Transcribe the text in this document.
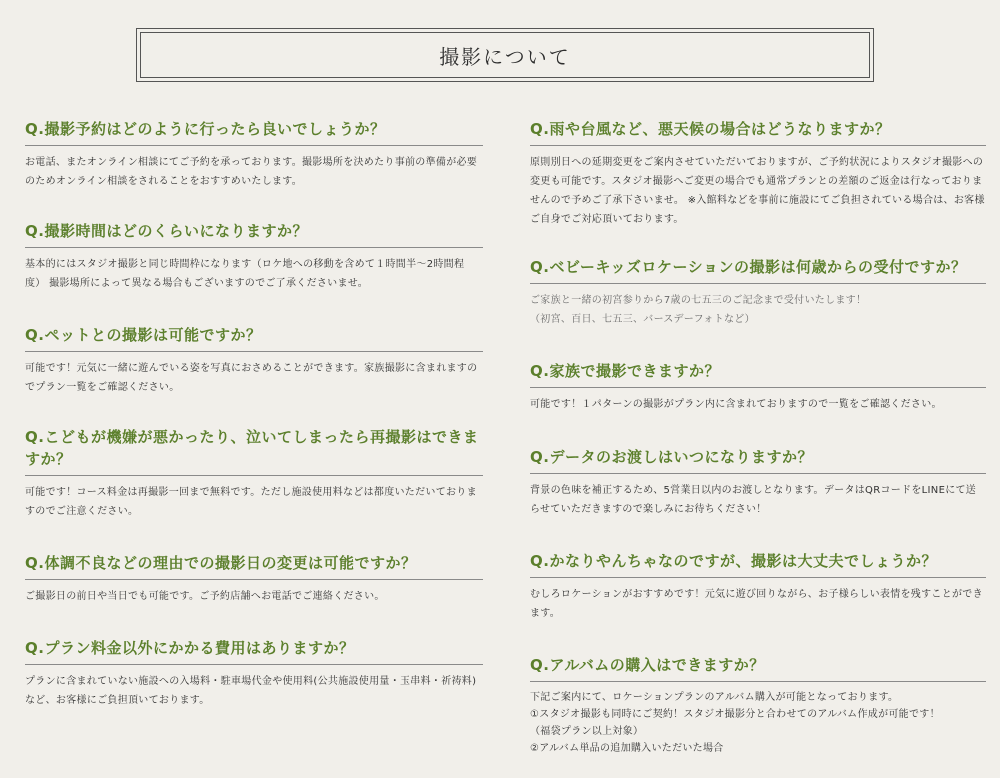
撮影について
Q.撮影予約はどのように行ったら良いでしょうか？

お電話、またオンライン相談にてご予約を承っております。撮影場所を決めたり事前の準備が必要のためオンライン相談をされることをおすすめいたします。

Q.撮影時間はどのくらいになりますか？

基本的にはスタジオ撮影と同じ時間枠になります（ロケ地への移動を含めて１時間半〜2時間程度） 撮影場所によって異なる場合もございますのでご了承くださいませ。

Q.ペットとの撮影は可能ですか？

可能です！元気に一緒に遊んでいる姿を写真におさめることができます。家族撮影に含まれますのでプラン一覧をご確認ください。

Q.こどもが機嫌が悪かったり、泣いてしまったら再撮影はできますか？

可能です！コース料金は再撮影一回まで無料です。ただし施設使用料などは都度いただいておりますのでご注意ください。

Q.体調不良などの理由での撮影日の変更は可能ですか？

ご撮影日の前日や当日でも可能です。ご予約店舗へお電話でご連絡ください。

Q.プラン料金以外にかかる費用はありますか？

プランに含まれていない施設への入場料・駐車場代金や使用料(公共施設使用量・玉串料・祈祷料)など、お客様にご負担頂いております。

Q.雨や台風など、悪天候の場合はどうなりますか？

原則別日への延期変更をご案内させていただいておりますが、ご予約状況によりスタジオ撮影への変更も可能です。スタジオ撮影へご変更の場合でも通常プランとの差額のご返金は行なっておりませんので予めご了承下さいませ。 ※入館料などを事前に施設にてご負担されている場合は、お客様ご自身でご対応頂いております。

Q.ベビーキッズロケーションの撮影は何歳からの受付ですか？

ご家族と一緒の初宮参りから7歳の七五三のご記念まで受付いたします！

（初宮、百日、七五三、バースデーフォトなど）

Q.家族で撮影できますか？

可能です！１パターンの撮影がプラン内に含まれておりますので一覧をご確認ください。

Q.データのお渡しはいつになりますか？

背景の色味を補正するため、5営業日以内のお渡しとなります。データはQRコードをLINEにて送らせていただきますので楽しみにお待ちください！

Q.かなりやんちゃなのですが、撮影は大丈夫でしょうか？

むしろロケーションがおすすめです！元気に遊び回りながら、お子様らしい表情を残すことができます。

Q.アルバムの購入はできますか？

下記ご案内にて、ロケーションプランのアルバム購入が可能となっております。

①スタジオ撮影も同時にご契約！スタジオ撮影分と合わせてのアルバム作成が可能です！

（福袋プラン以上対象）

②アルバム単品の追加購入いただいた場合
